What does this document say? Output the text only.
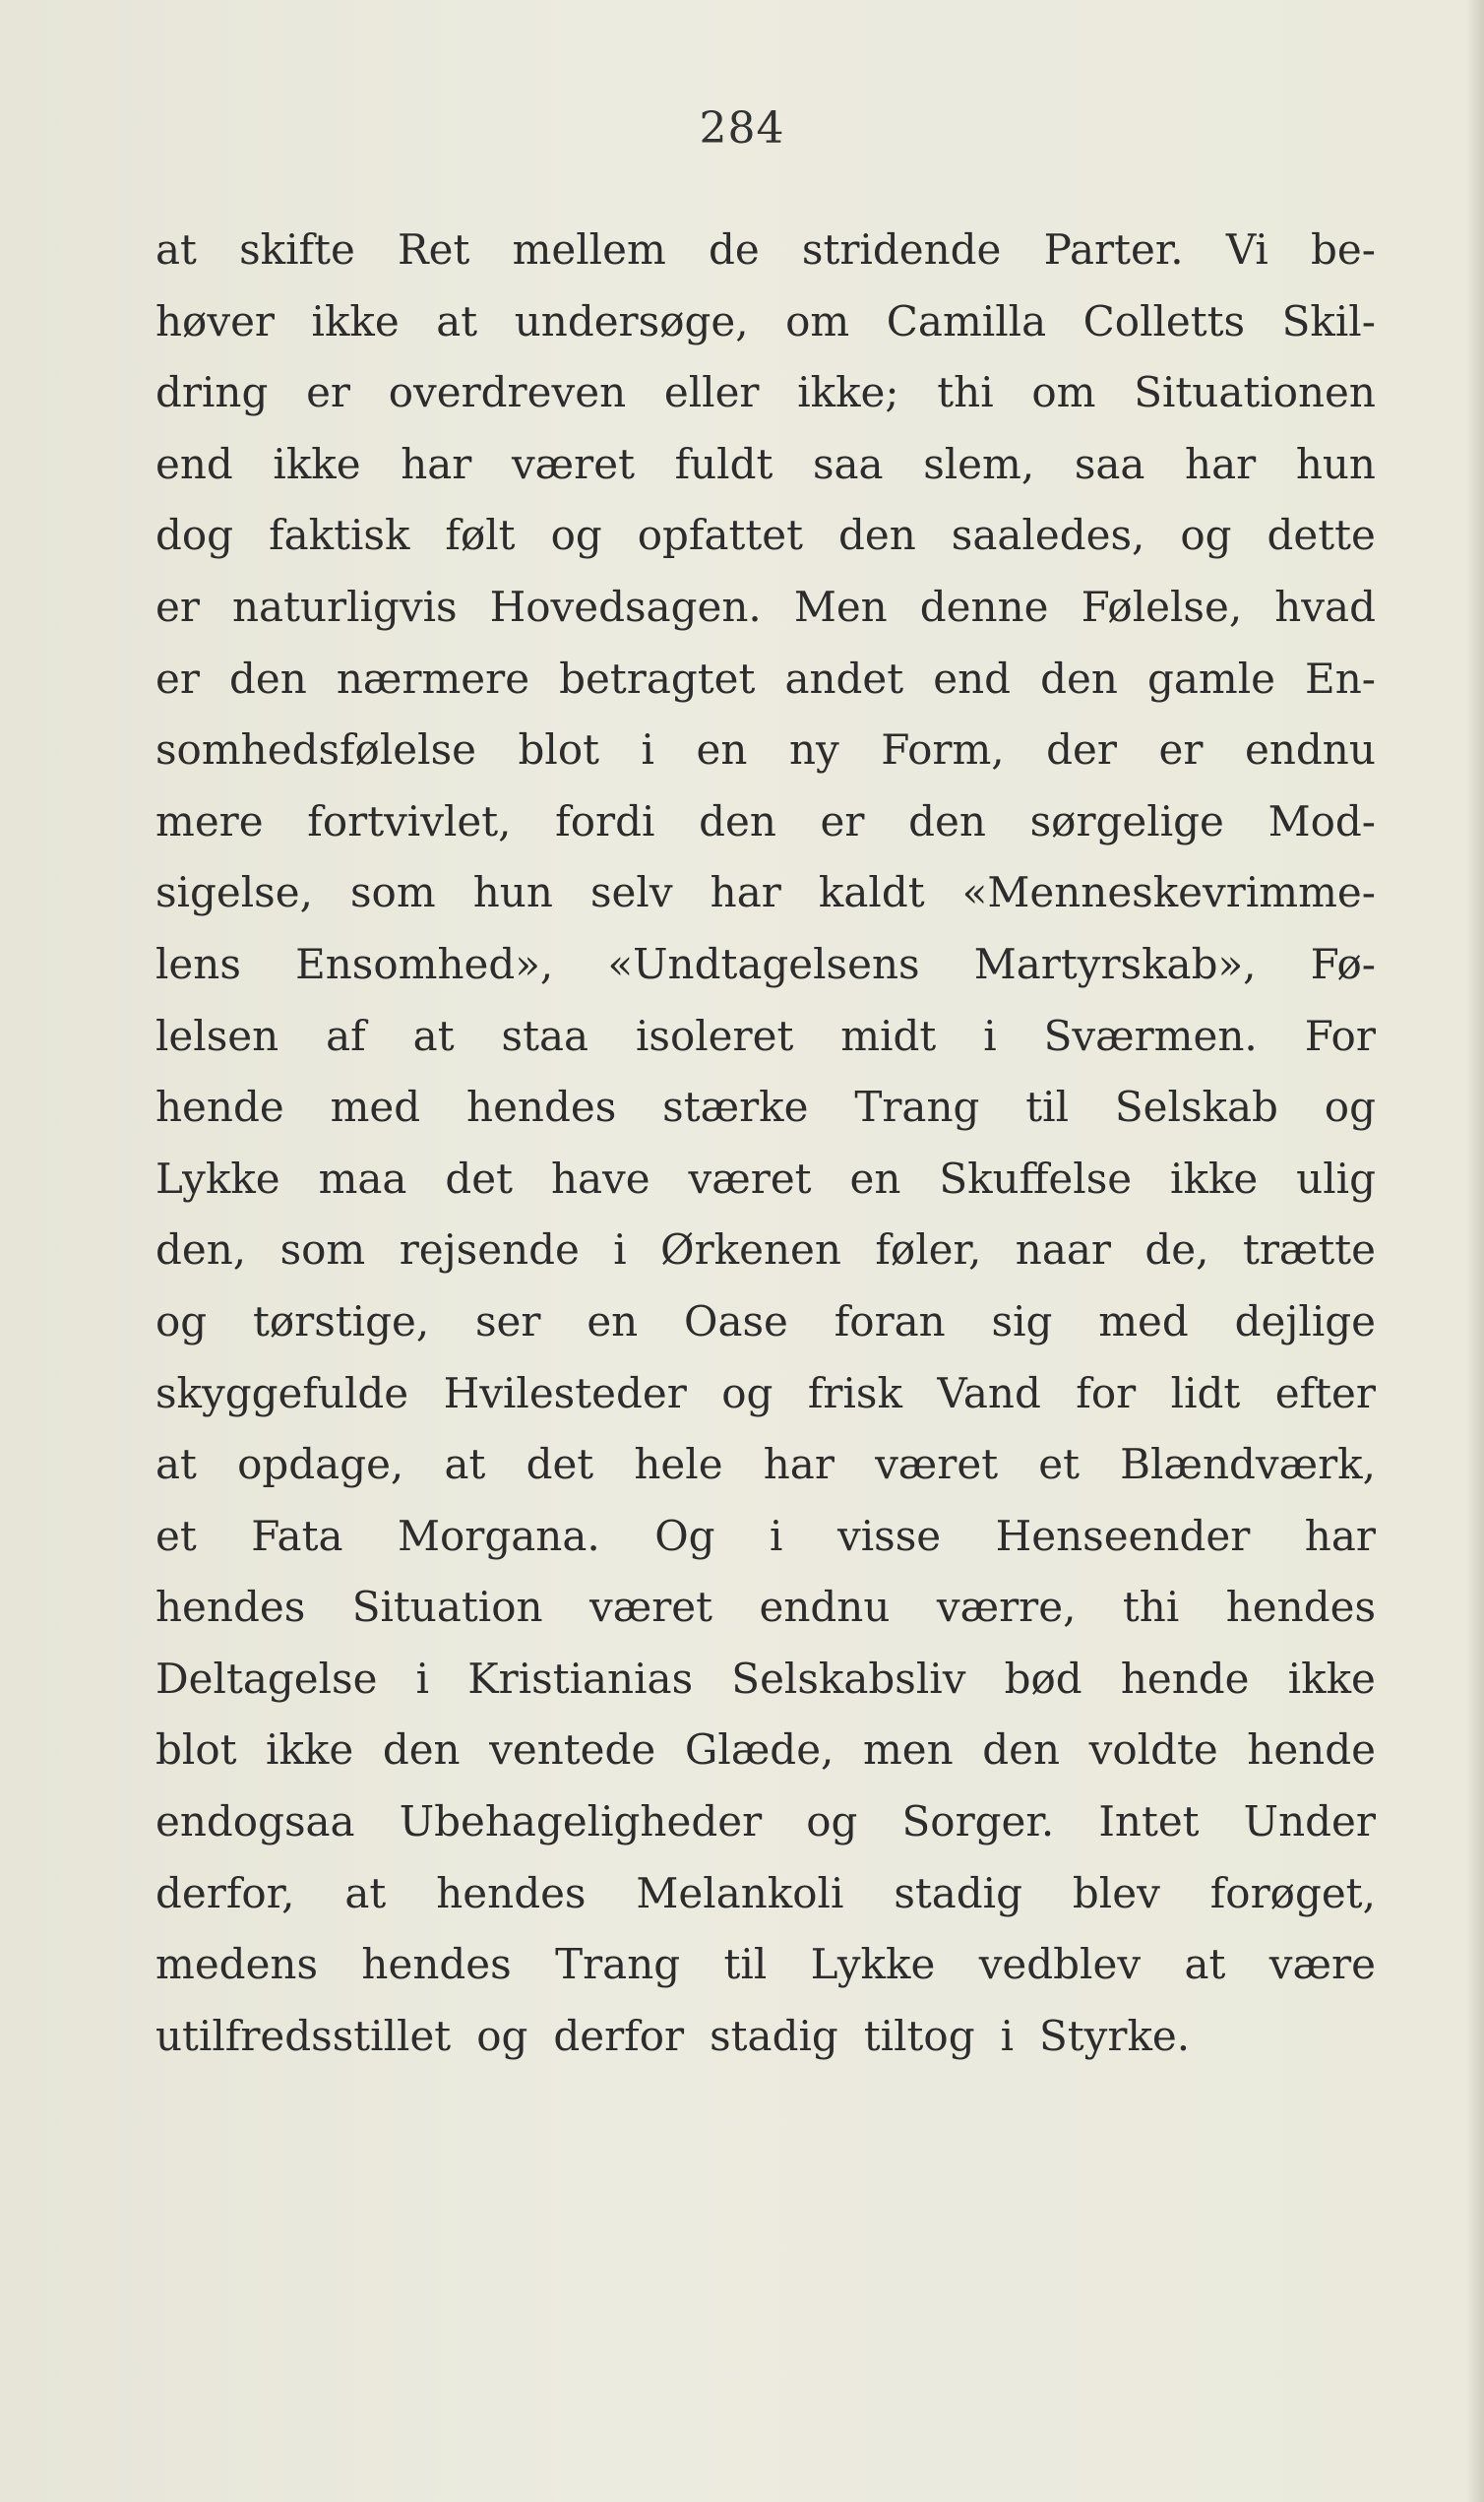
284
at skifte Ret mellem de stridende Parter. Vi be-
høver ikke at undersøge, om Camilla Colletts Skil-
dring er overdreven eller ikke; thi om Situationen
end ikke har været fuldt saa slem, saa har hun
dog faktisk følt og opfattet den saaledes, og dette
er naturligvis Hovedsagen. Men denne Følelse, hvad
er den nærmere betragtet andet end den gamle En-
somhedsfølelse blot i en ny Form, der er endnu
mere fortvivlet, fordi den er den sørgelige Mod-
sigelse, som hun selv har kaldt «Menneskevrimme-
lens Ensomhed», «Undtagelsens Martyrskab», Fø-
lelsen af at staa isoleret midt i Sværmen. For
hende med hendes stærke Trang til Selskab og
Lykke maa det have været en Skuffelse ikke ulig
den, som rejsende i Ørkenen føler, naar de, trætte
og tørstige, ser en Oase foran sig med dejlige
skyggefulde Hvilesteder og frisk Vand for lidt efter
at opdage, at det hele har været et Blændværk,
et Fata Morgana. Og i visse Henseender har
hendes Situation været endnu værre, thi hendes
Deltagelse i Kristianias Selskabsliv bød hende ikke
blot ikke den ventede Glæde, men den voldte hende
endogsaa Ubehageligheder og Sorger. Intet Under
derfor, at hendes Melankoli stadig blev forøget,
medens hendes Trang til Lykke vedblev at være
utilfredsstillet og derfor stadig tiltog i Styrke.
